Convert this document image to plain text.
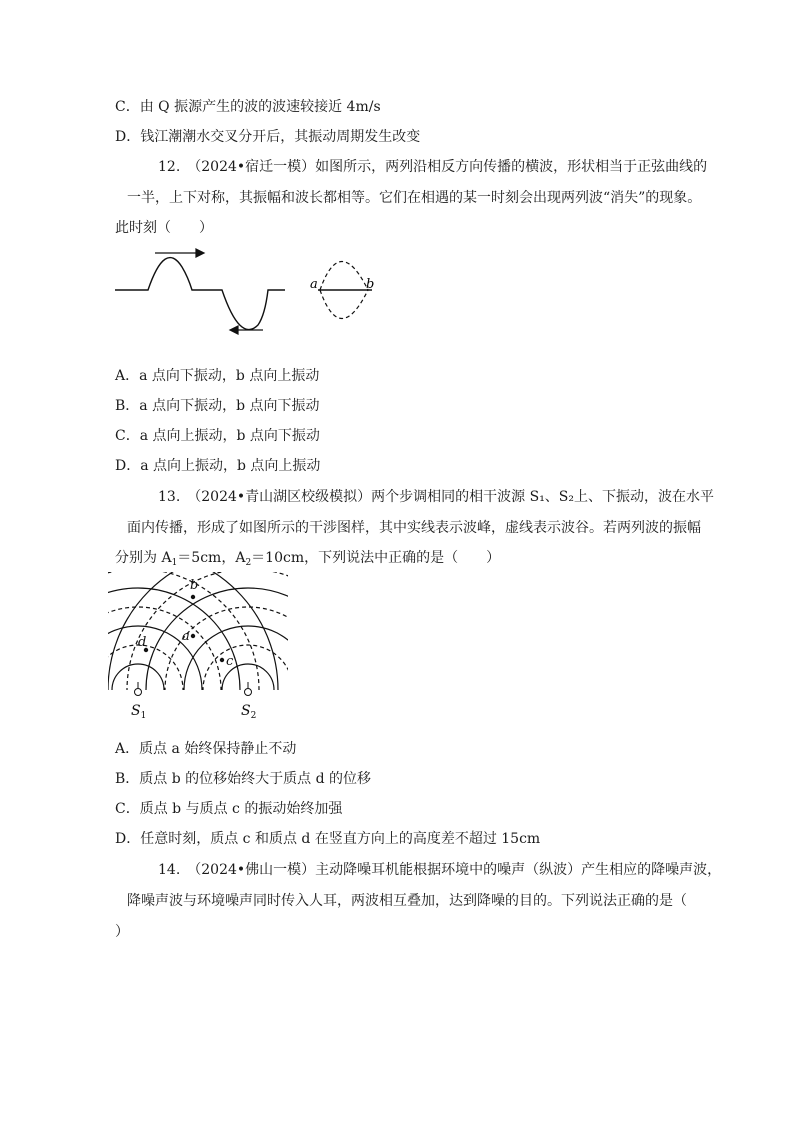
C．由 Q 振源产生的波的波速较接近 4m/s
D．钱江潮潮水交叉分开后，其振动周期发生改变
12.　（2024•宿迁一模）如图所示，两列沿相反方向传播的横波，形状相当于正弦曲线的
一半，上下对称，其振幅和波长都相等。它们在相遇的某一时刻会出现两列波“消失”的现象。
此时刻（　　）
a	b
A．a 点向下振动，b 点向上振动
B．a 点向下振动，b 点向下振动
C．a 点向上振动，b 点向下振动
D．a 点向上振动，b 点向上振动
13.　（2024•青山湖区校级模拟）两个步调相同的相干波源 S₁、S₂上、下振动，波在水平
面内传播，形成了如图所示的干涉图样，其中实线表示波峰，虚线表示波谷。若两列波的振幅
分别为 $A_1=5cm$，$A_2=10cm$，下列说法中正确的是（　　）
b
a
d
c
$S_1$	$S_2$
A．质点 a 始终保持静止不动
B．质点 b 的位移始终大于质点 d 的位移
C．质点 b 与质点 c 的振动始终加强
D．任意时刻，质点 c 和质点 d 在竖直方向上的高度差不超过 15cm
14.　（2024•佛山一模）主动降噪耳机能根据环境中的噪声（纵波）产生相应的降噪声波，
降噪声波与环境噪声同时传入人耳，两波相互叠加，达到降噪的目的。下列说法正确的是（
）
